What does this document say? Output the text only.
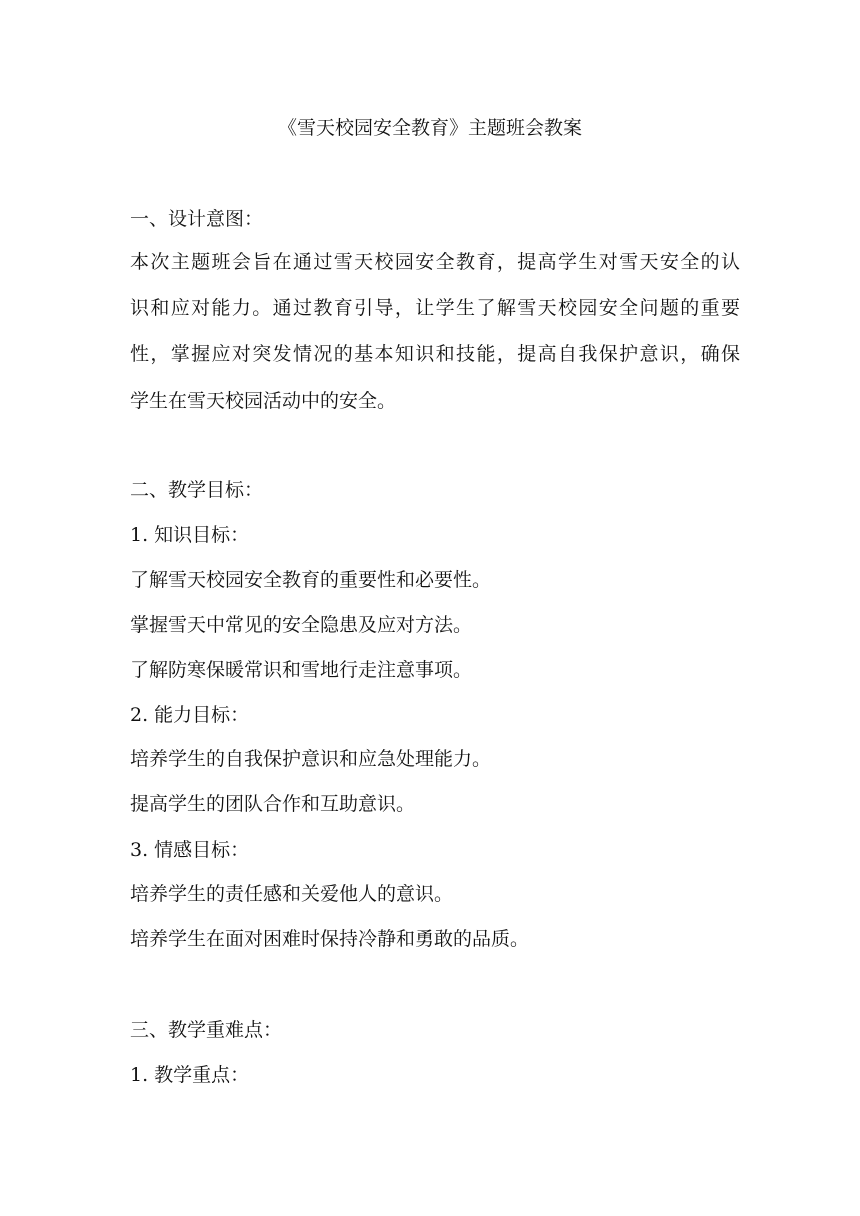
《雪天校园安全教育》主题班会教案
一、设计意图：
本次主题班会旨在通过雪天校园安全教育，提高学生对雪天安全的认
识和应对能力。通过教育引导，让学生了解雪天校园安全问题的重要
性，掌握应对突发情况的基本知识和技能，提高自我保护意识，确保
学生在雪天校园活动中的安全。
二、教学目标：
1. 知识目标：
了解雪天校园安全教育的重要性和必要性。
掌握雪天中常见的安全隐患及应对方法。
了解防寒保暖常识和雪地行走注意事项。
2. 能力目标：
培养学生的自我保护意识和应急处理能力。
提高学生的团队合作和互助意识。
3. 情感目标：
培养学生的责任感和关爱他人的意识。
培养学生在面对困难时保持冷静和勇敢的品质。
三、教学重难点：
1. 教学重点：
